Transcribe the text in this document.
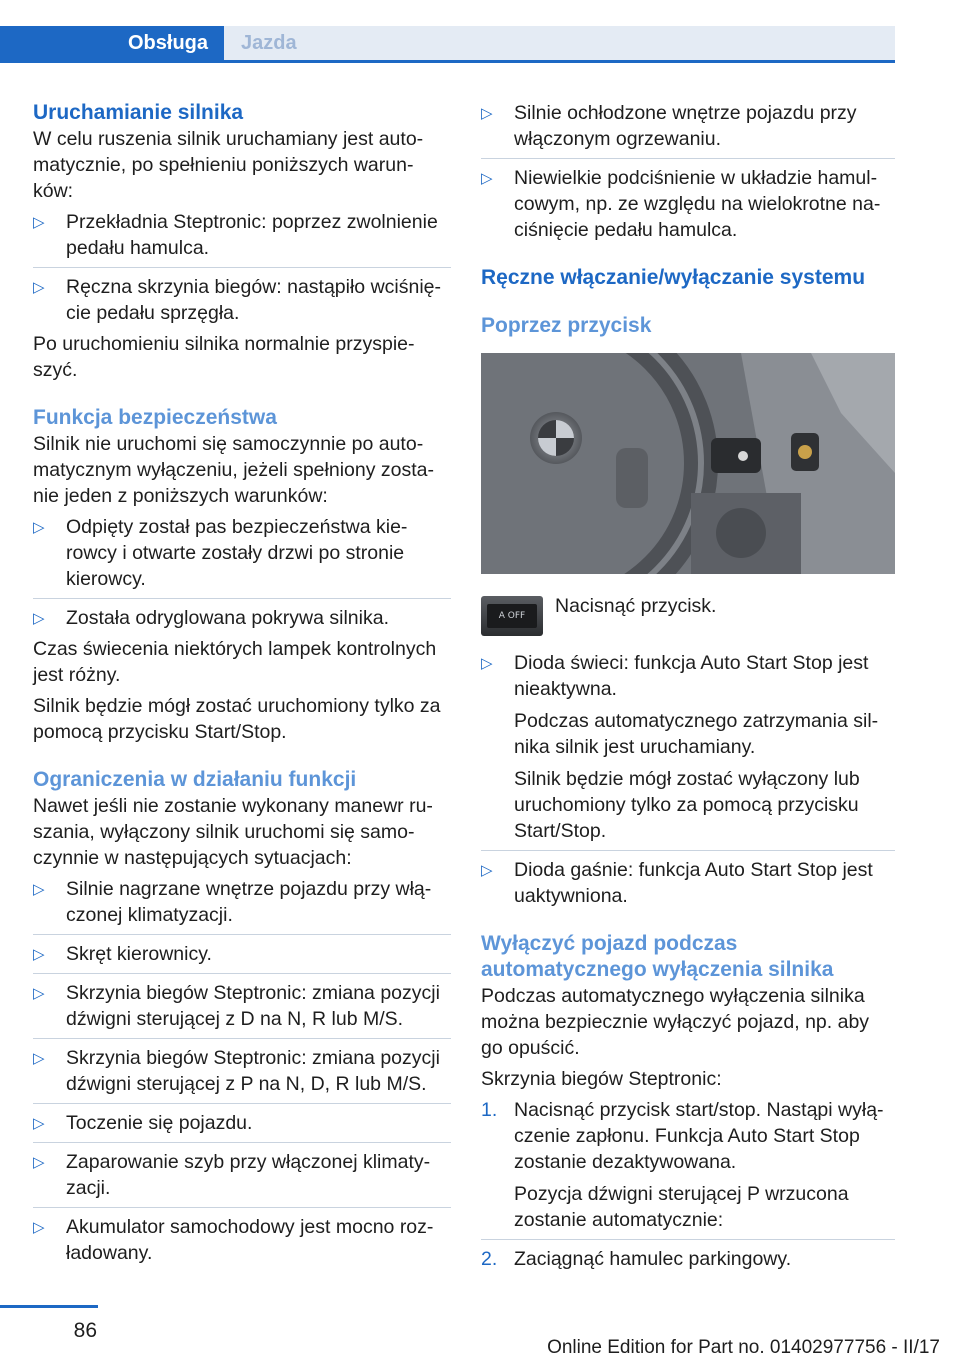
Obsługa Jazda
Uruchamianie silnika

W celu ruszenia silnik uruchamiany jest auto-matycznie, po spełnieniu poniższych warun-ków:

▷ Przekładnia Steptronic: poprzez zwolnienie pedału hamulca.
▷ Ręczna skrzynia biegów: nastąpiło wciśnię-cie pedału sprzęgła.

Po uruchomieniu silnika normalnie przyspie-szyć.

Funkcja bezpieczeństwa

Silnik nie uruchomi się samoczynnie po auto-matycznym wyłączeniu, jeżeli spełniony zosta-nie jeden z poniższych warunków:

▷ Odpięty został pas bezpieczeństwa kie-rowcy i otwarte zostały drzwi po stronie kierowcy.
▷ Została odryglowana pokrywa silnika.

Czas świecenia niektórych lampek kontrolnych jest różny.

Silnik będzie mógł zostać uruchomiony tylko za pomocą przycisku Start/Stop.

Ograniczenia w działaniu funkcji

Nawet jeśli nie zostanie wykonany manewr ru-szania, wyłączony silnik uruchomi się samo-czynnie w następujących sytuacjach:

▷ Silnie nagrzane wnętrze pojazdu przy włą-czonej klimatyzacji.
▷ Skręt kierownicy.
▷ Skrzynia biegów Steptronic: zmiana pozycji dźwigni sterującej z D na N, R lub M/S.
▷ Skrzynia biegów Steptronic: zmiana pozycji dźwigni sterującej z P na N, D, R lub M/S.
▷ Toczenie się pojazdu.
▷ Zaparowanie szyb przy włączonej klimaty-zacji.
▷ Akumulator samochodowy jest mocno roz-ładowany.
▷ Silnie ochłodzone wnętrze pojazdu przy włączonym ogrzewaniu.
▷ Niewielkie podciśnienie w układzie hamul-cowym, np. ze względu na wielokrotne na-ciśnięcie pedału hamulca.
Ręczne włączanie/wyłączanie systemu
Poprzez przycisk
A OFF	Nacisnąć przycisk.

▷ Dioda świeci: funkcja Auto Start Stop jest nieaktywna.

Podczas automatycznego zatrzymania sil-nika silnik jest uruchamiany.

Silnik będzie mógł zostać wyłączony lub uruchomiony tylko za pomocą przycisku Start/Stop.

▷ Dioda gaśnie: funkcja Auto Start Stop jest uaktywniona.
Wyłączyć pojazd podczas automatycznego wyłączenia silnika

Podczas automatycznego wyłączenia silnika można bezpiecznie wyłączyć pojazd, np. aby go opuścić.

Skrzynia biegów Steptronic:

1. Nacisnąć przycisk start/stop. Nastąpi wyłą-czenie zapłonu. Funkcja Auto Start Stop zostanie dezaktywowana.

Pozycja dźwigni sterującej P wrzucona zostanie automatycznie:

2. Zaciągnąć hamulec parkingowy.
86
Online Edition for Part no. 01402977756 - II/17
